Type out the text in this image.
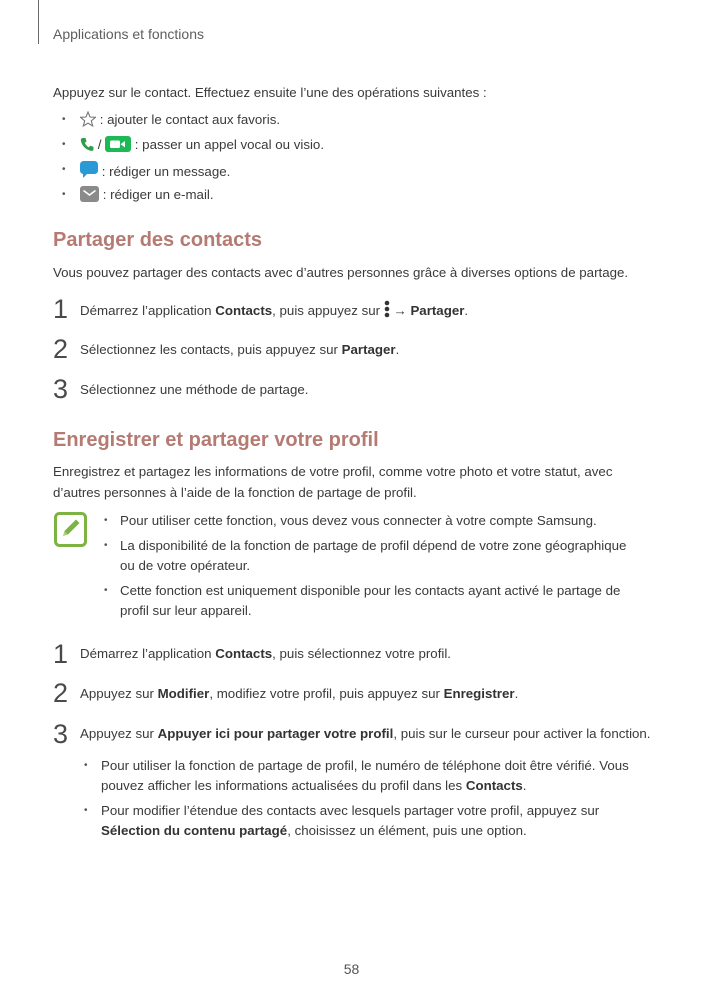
Applications et fonctions
Appuyez sur le contact. Effectuez ensuite l’une des opérations suivantes :
•	: ajouter le contact aux favoris.
•	/  : passer un appel vocal ou visio.
•	: rédiger un message.
•	: rédiger un e-mail.
Partager des contacts
Vous pouvez partager des contacts avec d’autres personnes grâce à diverses options de partage.
1 Démarrez l’application Contacts, puis appuyez sur  → Partager.
2 Sélectionnez les contacts, puis appuyez sur Partager.
3 Sélectionnez une méthode de partage.
Enregistrer et partager votre profil
Enregistrez et partagez les informations de votre profil, comme votre photo et votre statut, avec
d’autres personnes à l’aide de la fonction de partage de profil.
• Pour utiliser cette fonction, vous devez vous connecter à votre compte Samsung.
• La disponibilité de la fonction de partage de profil dépend de votre zone géographique
ou de votre opérateur.
• Cette fonction est uniquement disponible pour les contacts ayant activé le partage de
profil sur leur appareil.
1 Démarrez l’application Contacts, puis sélectionnez votre profil.
2 Appuyez sur Modifier, modifiez votre profil, puis appuyez sur Enregistrer.
3 Appuyez sur Appuyer ici pour partager votre profil, puis sur le curseur pour activer la fonction.
• Pour utiliser la fonction de partage de profil, le numéro de téléphone doit être vérifié. Vous
pouvez afficher les informations actualisées du profil dans les Contacts.
• Pour modifier l’étendue des contacts avec lesquels partager votre profil, appuyez sur
Sélection du contenu partagé, choisissez un élément, puis une option.
58
